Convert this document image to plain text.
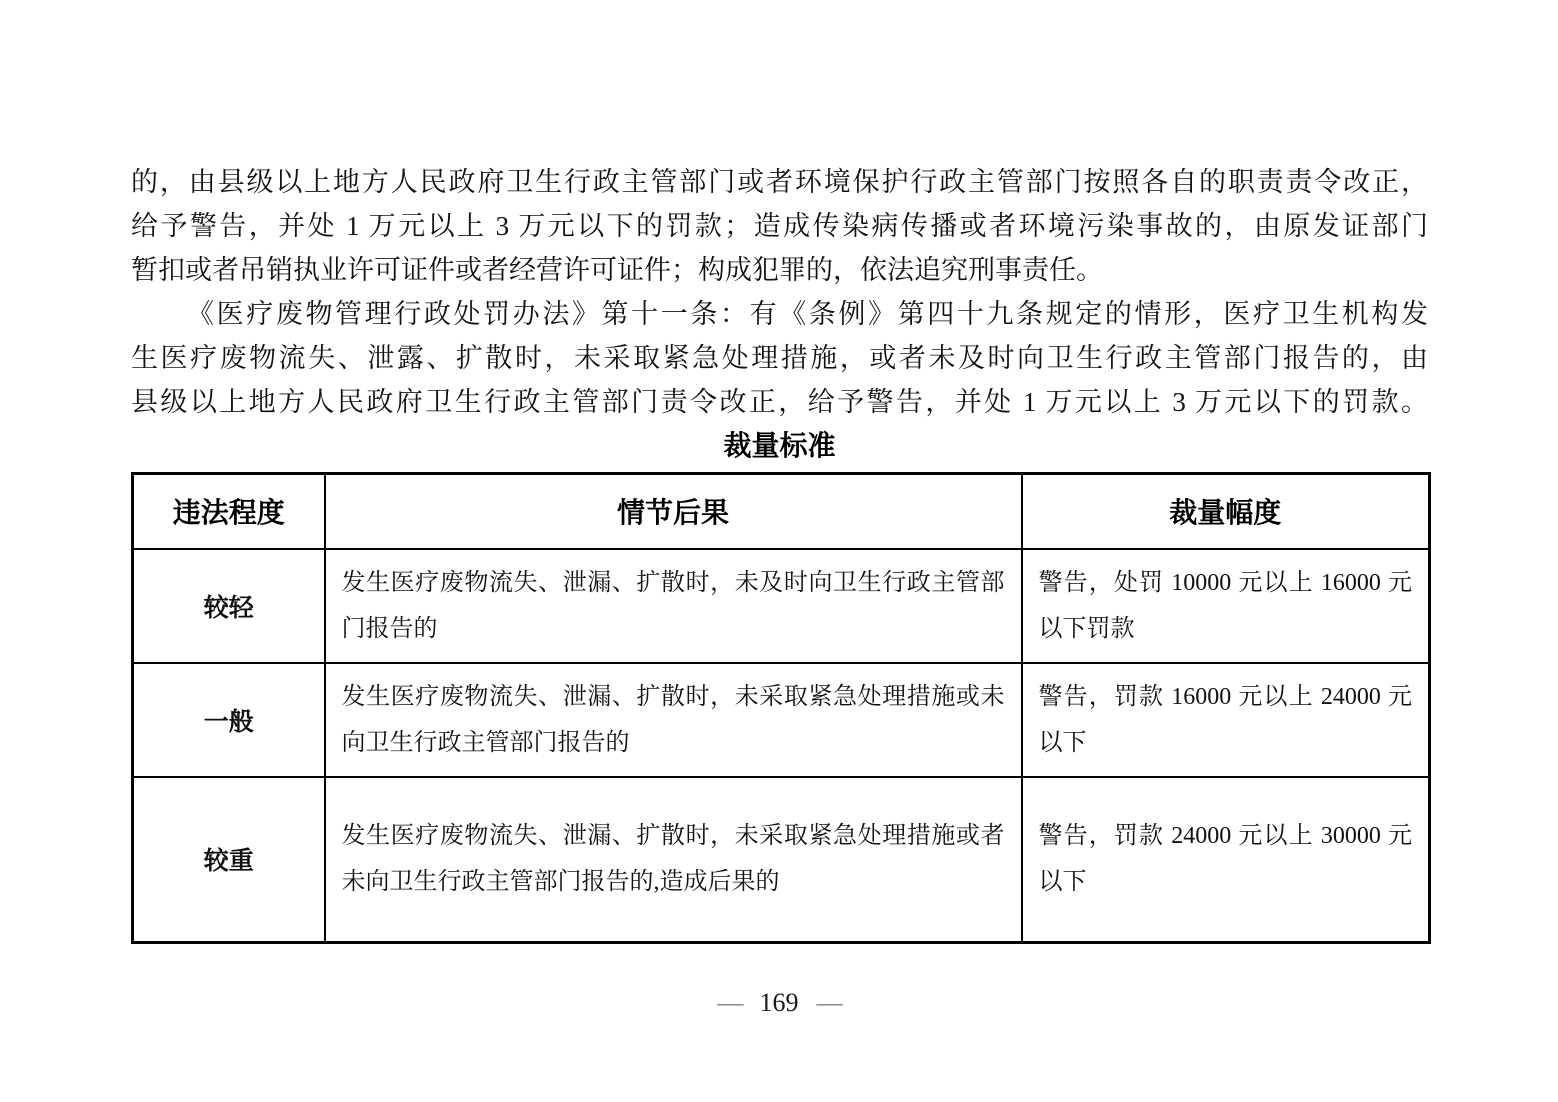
的，由县级以上地方人民政府卫生行政主管部门或者环境保护行政主管部门按照各自的职责责令改正，
给予警告，并处 1 万元以上 3 万元以下的罚款；造成传染病传播或者环境污染事故的，由原发证部门
暂扣或者吊销执业许可证件或者经营许可证件；构成犯罪的，依法追究刑事责任。
《医疗废物管理行政处罚办法》第十一条：有《条例》第四十九条规定的情形，医疗卫生机构发
生医疗废物流失、泄露、扩散时，未采取紧急处理措施，或者未及时向卫生行政主管部门报告的，由
县级以上地方人民政府卫生行政主管部门责令改正，给予警告，并处 1 万元以上 3 万元以下的罚款。
裁量标准
违法程度	情节后果	裁量幅度
较轻	发生医疗废物流失、泄漏、扩散时，未及时向卫生行政主管部门报告的	警告，处罚 10000 元以上 16000 元以下罚款
一般	发生医疗废物流失、泄漏、扩散时，未采取紧急处理措施或未向卫生行政主管部门报告的	警告，罚款 16000 元以上 24000 元以下
较重	发生医疗废物流失、泄漏、扩散时，未采取紧急处理措施或者未向卫生行政主管部门报告的,造成后果的	警告，罚款 24000 元以上 30000 元以下
— 169 —
